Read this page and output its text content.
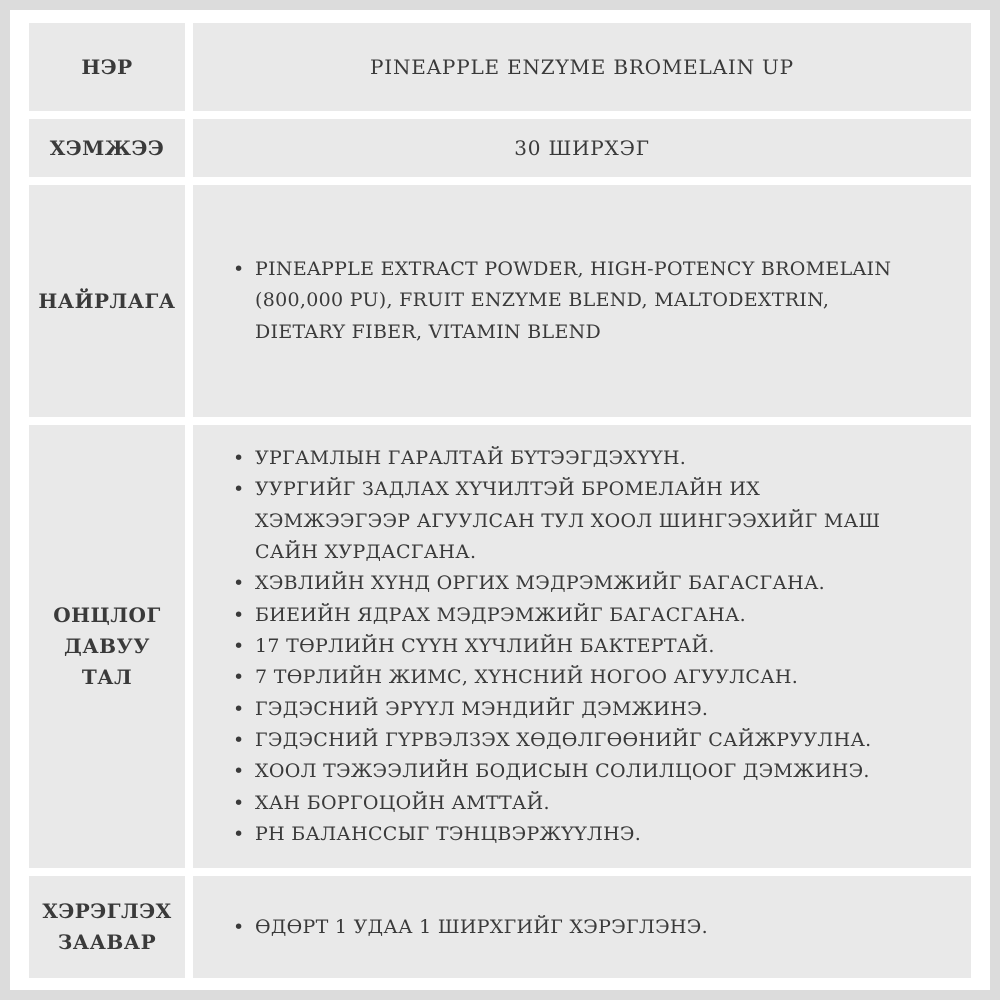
НЭР	PINEAPPLE ENZYME BROMELAIN UP
ХЭМЖЭЭ	30 ШИРХЭГ
НАЙРЛАГА
• PINEAPPLE EXTRACT POWDER, HIGH-POTENCY BROMELAIN (800,000 PU), FRUIT ENZYME BLEND, MALTODEXTRIN, DIETARY FIBER, VITAMIN BLEND
ОНЦЛОГ ДАВУУ ТАЛ
• УРГАМЛЫН ГАРАЛТАЙ БҮТЭЭГДЭХҮҮН.
• УУРГИЙГ ЗАДЛАХ ХҮЧИЛТЭЙ БРОМЕЛАЙН ИХ ХЭМЖЭЭГЭЭР АГУУЛСАН ТУЛ ХООЛ ШИНГЭЭХИЙГ МАШ САЙН ХУРДАСГАНА.
• ХЭВЛИЙН ХҮНД ОРГИХ МЭДРЭМЖИЙГ БАГАСГАНА.
• БИЕИЙН ЯДРАХ МЭДРЭМЖИЙГ БАГАСГАНА.
• 17 ТӨРЛИЙН СҮҮН ХҮЧЛИЙН БАКТЕРТАЙ.
• 7 ТӨРЛИЙН ЖИМС, ХҮНСНИЙ НОГОО АГУУЛСАН.
• ГЭДЭСНИЙ ЭРҮҮЛ МЭНДИЙГ ДЭМЖИНЭ.
• ГЭДЭСНИЙ ГҮРВЭЛЗЭХ ХӨДӨЛГӨӨНИЙГ САЙЖРУУЛНА.
• ХООЛ ТЭЖЭЭЛИЙН БОДИСЫН СОЛИЛЦООГ ДЭМЖИНЭ.
• ХАН БОРГОЦОЙН АМТТАЙ.
• PH БАЛАНССЫГ ТЭНЦВЭРЖҮҮЛНЭ.
ХЭРЭГЛЭХ ЗААВАР
• ӨДӨРТ 1 УДАА 1 ШИРХГИЙГ ХЭРЭГЛЭНЭ.
